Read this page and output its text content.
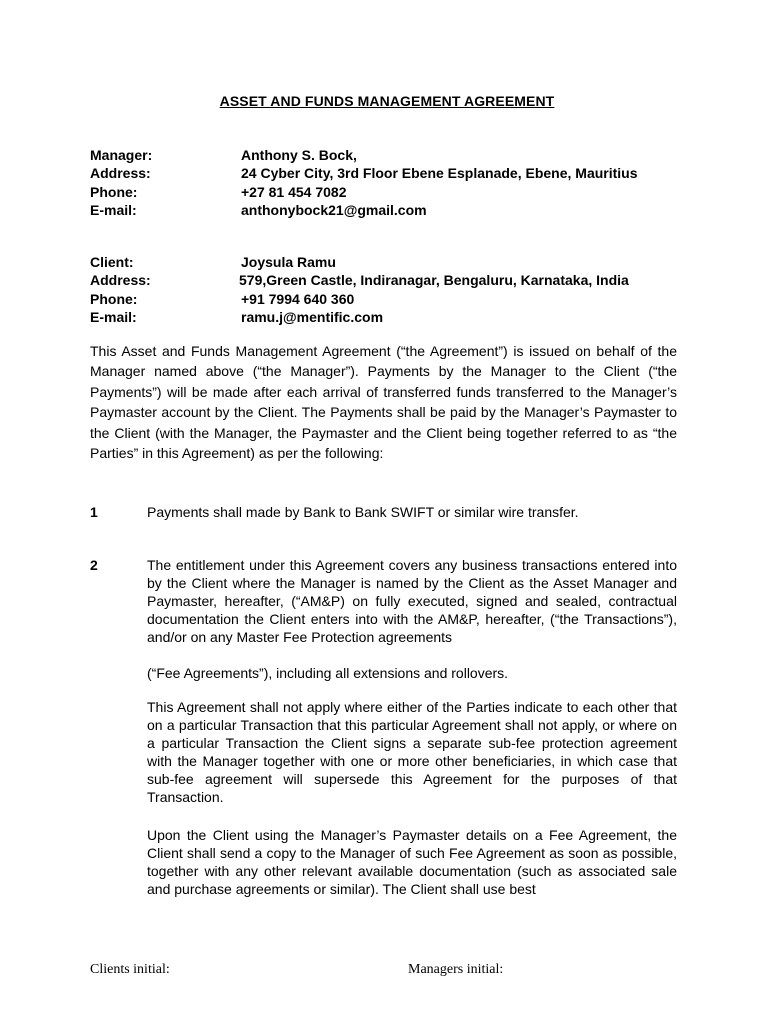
ASSET AND FUNDS MANAGEMENT AGREEMENT
Manager:	Anthony S. Bock,
Address:	24 Cyber City, 3rd Floor Ebene Esplanade, Ebene, Mauritius
Phone:	+27 81 454 7082
E-mail:	anthonybock21@gmail.com
Client:	Joysula Ramu
Address:	579,Green Castle, Indiranagar, Bengaluru, Karnataka, India
Phone:	+91 7994 640 360
E-mail:	ramu.j@mentific.com

This Asset and Funds Management Agreement (“the Agreement”) is issued on behalf of the Manager named above (“the Manager”). Payments by the Manager to the Client (“the Payments”) will be made after each arrival of transferred funds transferred to the Manager’s Paymaster account by the Client. The Payments shall be paid by the Manager’s Paymaster to the Client (with the Manager, the Paymaster and the Client being together referred to as “the Parties” in this Agreement) as per the following:

1	Payments shall made by Bank to Bank SWIFT or similar wire transfer.

2	The entitlement under this Agreement covers any business transactions entered into by the Client where the Manager is named by the Client as the Asset Manager and Paymaster, hereafter, (“AM&P) on fully executed, signed and sealed, contractual documentation the Client enters into with the AM&P, hereafter, (“the Transactions”), and/or on any Master Fee Protection agreements

(“Fee Agreements”), including all extensions and rollovers.

This Agreement shall not apply where either of the Parties indicate to each other that on a particular Transaction that this particular Agreement shall not apply, or where on a particular Transaction the Client signs a separate sub-fee protection agreement with the Manager together with one or more other beneficiaries, in which case that sub-fee agreement will supersede this Agreement for the purposes of that Transaction.

Upon the Client using the Manager’s Paymaster details on a Fee Agreement, the Client shall send a copy to the Manager of such Fee Agreement as soon as possible, together with any other relevant available documentation (such as associated sale and purchase agreements or similar). The Client shall use best

Clients initial:	Managers initial:
